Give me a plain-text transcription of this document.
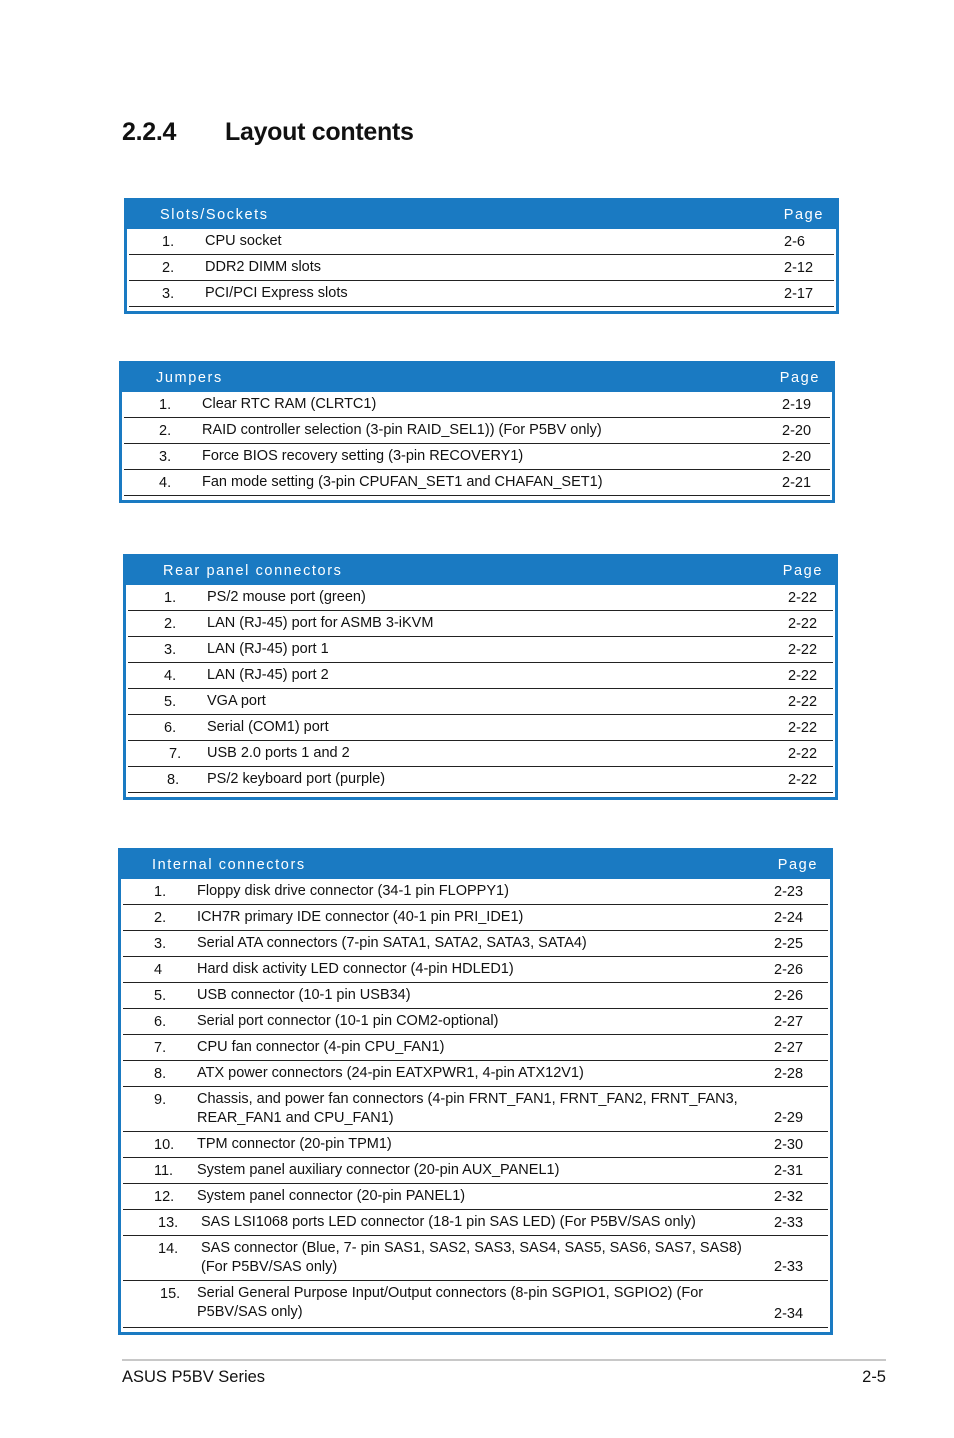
2.2.4 Layout contents
Slots/Sockets	Page
1. CPU socket	2-6
2. DDR2 DIMM slots	2-12
3. PCI/PCI Express slots	2-17
Jumpers	Page
1. Clear RTC RAM (CLRTC1)	2-19
2. RAID controller selection (3-pin RAID_SEL1)) (For P5BV only)	2-20
3. Force BIOS recovery setting (3-pin RECOVERY1)	2-20
4. Fan mode setting (3-pin CPUFAN_SET1 and CHAFAN_SET1)	2-21
Rear panel connectors	Page
1. PS/2 mouse port (green)	2-22
2. LAN (RJ-45) port for ASMB 3-iKVM	2-22
3. LAN (RJ-45) port 1	2-22
4. LAN (RJ-45) port 2	2-22
5. VGA port	2-22
6. Serial (COM1) port	2-22
7. USB 2.0 ports 1 and 2	2-22
8. PS/2 keyboard port (purple)	2-22
Internal connectors	Page
1. Floppy disk drive connector (34-1 pin FLOPPY1)	2-23
2. ICH7R primary IDE connector (40-1 pin PRI_IDE1)	2-24
3. Serial ATA connectors (7-pin SATA1, SATA2, SATA3, SATA4)	2-25
4 Hard disk activity LED connector (4-pin HDLED1)	2-26
5. USB connector (10-1 pin USB34)	2-26
6. Serial port connector (10-1 pin COM2-optional)	2-27
7. CPU fan connector (4-pin CPU_FAN1)	2-27
8. ATX power connectors (24-pin EATXPWR1, 4-pin ATX12V1)	2-28
9. Chassis, and power fan connectors (4-pin FRNT_FAN1, FRNT_FAN2, FRNT_FAN3, REAR_FAN1 and CPU_FAN1)	2-29
10. TPM connector (20-pin TPM1)	2-30
11. System panel auxiliary connector (20-pin AUX_PANEL1)	2-31
12. System panel connector (20-pin PANEL1)	2-32
13. SAS LSI1068 ports LED connector (18-1 pin SAS LED) (For P5BV/SAS only)	2-33
14. SAS connector (Blue, 7- pin SAS1, SAS2, SAS3, SAS4, SAS5, SAS6, SAS7, SAS8) (For P5BV/SAS only)	2-33
15. Serial General Purpose Input/Output connectors (8-pin SGPIO1, SGPIO2) (For P5BV/SAS only)	2-34
ASUS P5BV Series	2-5
